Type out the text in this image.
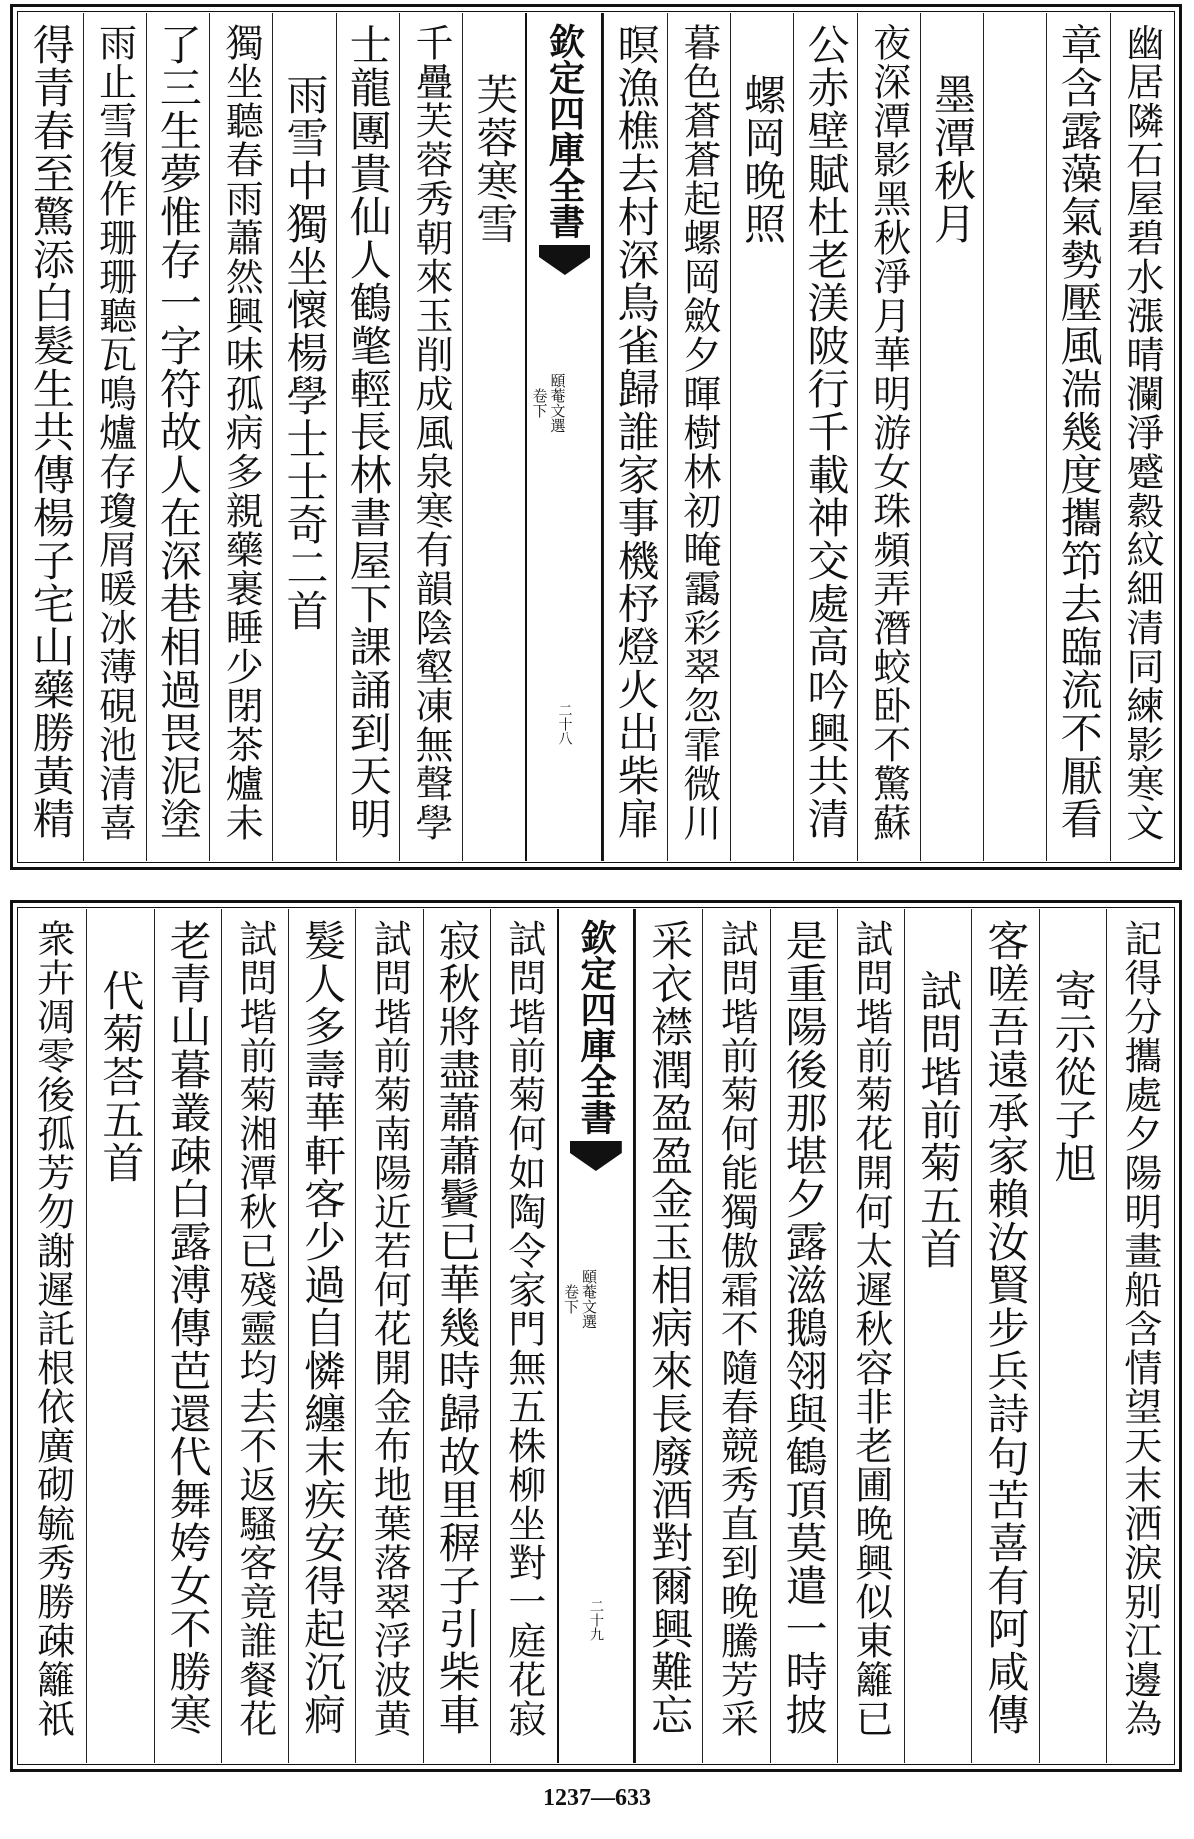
幽居隣石屋碧水漲晴瀾淨蹙縠紋細清同練影寒文
章含露藻氣勢壓風湍幾度攜笻去臨流不厭看
墨潭秋月
夜深潭影黑秋淨月華明游女珠頻弄潛蛟卧不驚蘇
公赤壁賦杜老渼陂行千載神交處高吟興共清
螺岡晚照
暮色蒼蒼起螺岡斂夕暉樹林初晻靄彩翠忽霏微川
暝漁樵去村深鳥雀歸誰家事機杼燈火出柴扉
欽定四庫全書
頤菴文選
卷下
二十八
芙蓉寒雪
千疊芙蓉秀朝來玉削成風泉寒有韻陰壑凍無聲學
士龍團貴仙人鶴氅輕長林書屋下課誦到天明
雨雪中獨坐懷楊學士士奇二首
獨坐聽春雨蕭然興味孤病多親藥裹睡少閉茶爐未
了三生夢惟存一字符故人在深巷相過畏泥塗
雨止雪復作珊珊聽瓦鳴爐存瓊屑暖冰薄硯池清喜
得青春至驚添白髮生共傳楊子宅山藥勝黃精
記得分攜處夕陽明畫船含情望天末洒淚别江邊為
寄示從子旭
客嗟吾遠承家賴汝賢步兵詩句苦喜有阿咸傳
試問堦前菊五首
試問堦前菊花開何太遲秋容非老圃晚興似東籬已
是重陽後那堪夕露滋鵝翎與鶴頂莫遣一時披
試問堦前菊何能獨傲霜不隨春競秀直到晚騰芳采
采衣襟潤盈盈金玉相病來長廢酒對爾興難忘
欽定四庫全書
頤菴文選
卷下
二十九
試問堦前菊何如陶令家門無五株柳坐對一庭花寂
寂秋將盡蕭蕭鬢已華幾時歸故里稺子引柴車
試問堦前菊南陽近若何花開金布地葉落翠浮波黄
髮人多壽華軒客少過自憐纏末疾安得起沉痾
試問堦前菊湘潭秋已殘靈均去不返騷客竟誰餐花
老青山暮叢疎白露溥傳芭還代舞姱女不勝寒
代菊荅五首
衆卉凋零後孤芳勿謝遲託根依廣砌毓秀勝疎籬祇
1237—633
